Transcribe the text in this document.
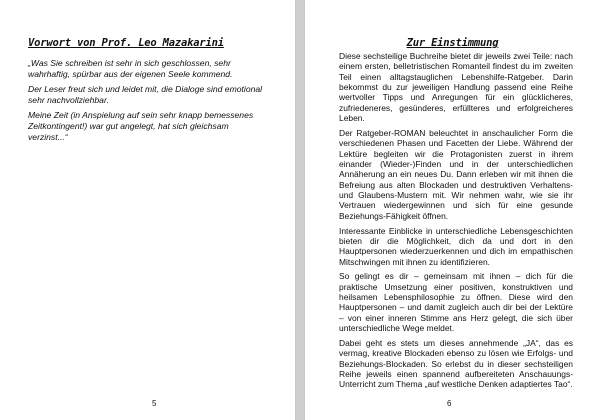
Vorwort von Prof. Leo Mazakarini

„Was Sie schreiben ist sehr in sich geschlossen, sehr wahrhaftig, spürbar aus der eigenen Seele kommend.

Der Leser freut sich und leidet mit, die Dialoge sind emotional sehr nachvollziehbar.

Meine Zeit (in Anspielung auf sein sehr knapp bemessenes Zeitkontingent!) war gut angelegt, hat sich gleichsam verzinst...“

5
Zur Einstimmung

Diese sechsteilige Buchreihe bietet dir jeweils zwei Teile: nach einem ersten, belletristischen Romanteil findest du im zweiten Teil einen alltagstauglichen Lebenshilfe-Ratgeber. Darin bekommst du zur jeweiligen Handlung passend eine Reihe wertvoller Tipps und Anregungen für ein glücklicheres, zufriedeneres, gesünderes, erfüllteres und erfolgreicheres Leben.

Der Ratgeber-ROMAN beleuchtet in anschaulicher Form die verschiedenen Phasen und Facetten der Liebe. Während der Lektüre begleiten wir die Protagonisten zuerst in ihrem einander (Wieder-)Finden und in der unterschiedlichen Annäherung an ein neues Du. Dann erleben wir mit ihnen die Befreiung aus alten Blockaden und destruktiven Verhaltens- und Glaubens-Mustern mit. Wir nehmen wahr, wie sie ihr Vertrauen wiedergewinnen und sich für eine gesunde Beziehungs-Fähigkeit öffnen.

Interessante Einblicke in unterschiedliche Lebensgeschichten bieten dir die Möglichkeit, dich da und dort in den Hauptpersonen wiederzuerkennen und dich im empathischen Mitschwingen mit ihnen zu identifizieren.

So gelingt es dir – gemeinsam mit ihnen – dich für die praktische Umsetzung einer positiven, konstruktiven und heilsamen Lebensphilosophie zu öffnen. Diese wird den Hauptpersonen – und damit zugleich auch dir bei der Lektüre – von einer inneren Stimme ans Herz gelegt, die sich über unterschiedliche Wege meldet.

Dabei geht es stets um dieses annehmende „JA“, das es vermag, kreative Blockaden ebenso zu lösen wie Erfolgs- und Beziehungs-Blockaden. So erlebst du in dieser sechsteiligen Reihe jeweils einen spannend aufbereiteten Anschauungs-Unterricht zum Thema „auf westliche Denken adaptiertes Tao“.

6
